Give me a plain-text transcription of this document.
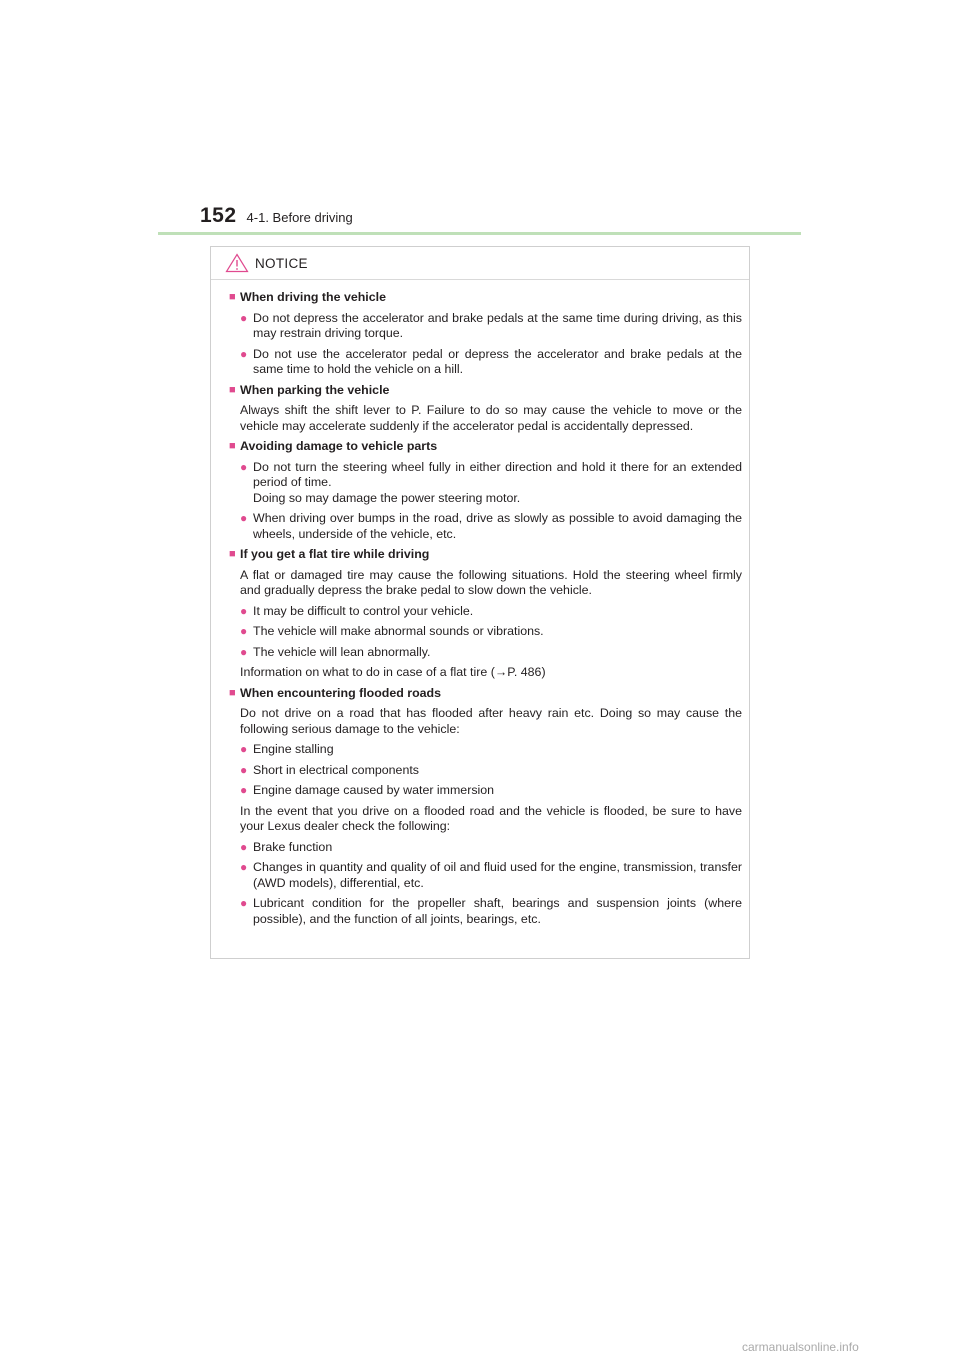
152 4-1. Before driving
NOTICE
■ When driving the vehicle
● Do not depress the accelerator and brake pedals at the same time during driving, as this may restrain driving torque.
● Do not use the accelerator pedal or depress the accelerator and brake pedals at the same time to hold the vehicle on a hill.
■ When parking the vehicle
Always shift the shift lever to P. Failure to do so may cause the vehicle to move or the vehicle may accelerate suddenly if the accelerator pedal is accidentally depressed.
■ Avoiding damage to vehicle parts
● Do not turn the steering wheel fully in either direction and hold it there for an extended period of time.
Doing so may damage the power steering motor.
● When driving over bumps in the road, drive as slowly as possible to avoid damaging the wheels, underside of the vehicle, etc.
■ If you get a flat tire while driving
A flat or damaged tire may cause the following situations. Hold the steering wheel firmly and gradually depress the brake pedal to slow down the vehicle.
● It may be difficult to control your vehicle.
● The vehicle will make abnormal sounds or vibrations.
● The vehicle will lean abnormally.
Information on what to do in case of a flat tire (→P. 486)
■ When encountering flooded roads
Do not drive on a road that has flooded after heavy rain etc. Doing so may cause the following serious damage to the vehicle:
● Engine stalling
● Short in electrical components
● Engine damage caused by water immersion
In the event that you drive on a flooded road and the vehicle is flooded, be sure to have your Lexus dealer check the following:
● Brake function
● Changes in quantity and quality of oil and fluid used for the engine, transmission, transfer (AWD models), differential, etc.
● Lubricant condition for the propeller shaft, bearings and suspension joints (where possible), and the function of all joints, bearings, etc.
carmanualsonline.info
